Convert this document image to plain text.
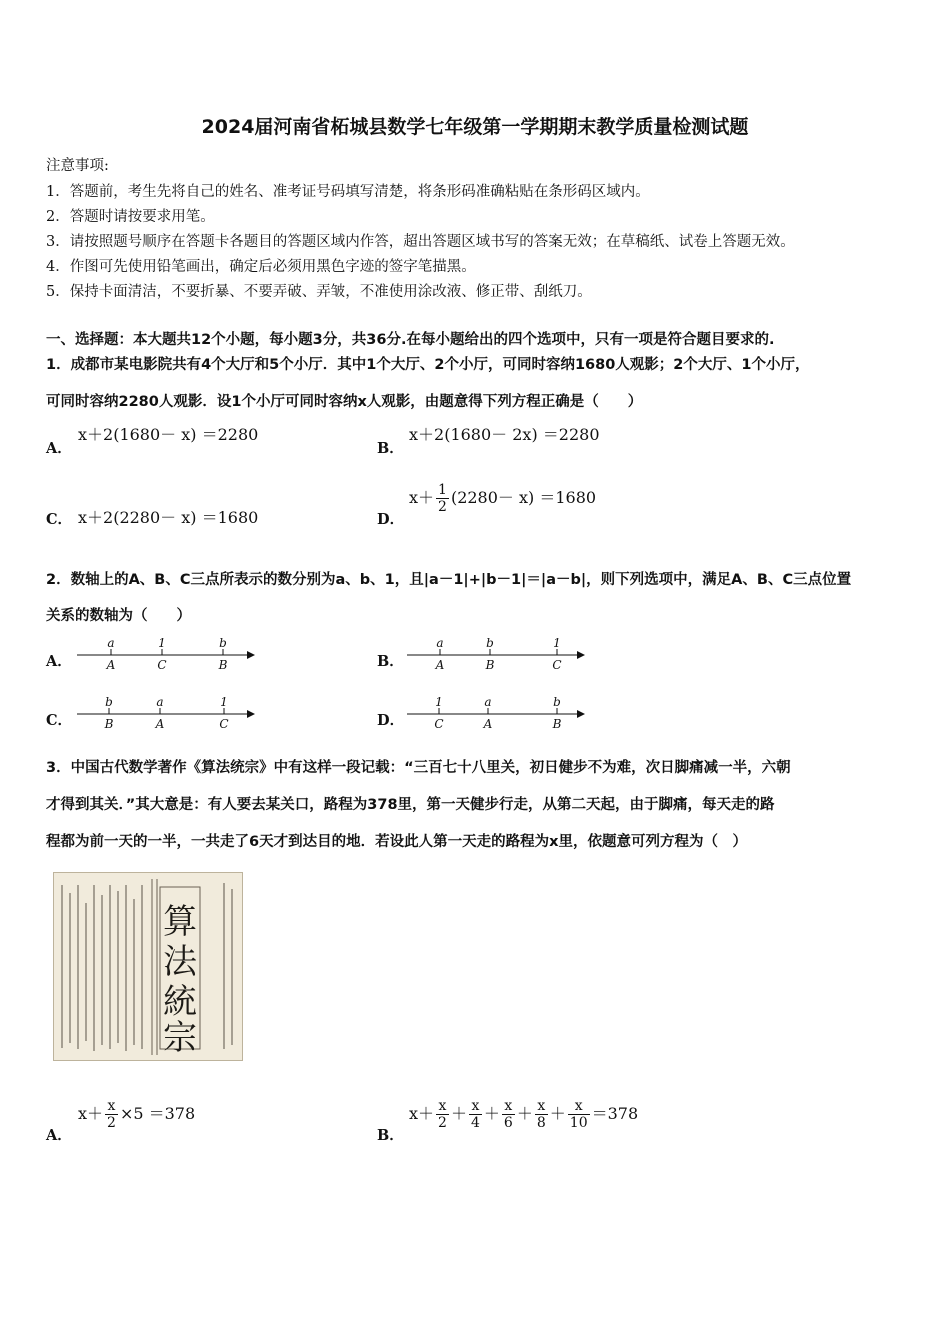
2024届河南省柘城县数学七年级第一学期期末教学质量检测试题
注意事项:
1．答题前，考生先将自己的姓名、准考证号码填写清楚，将条形码准确粘贴在条形码区域内。
2．答题时请按要求用笔。
3．请按照题号顺序在答题卡各题目的答题区域内作答，超出答题区域书写的答案无效；在草稿纸、试卷上答题无效。
4．作图可先使用铅笔画出，确定后必须用黑色字迹的签字笔描黑。
5．保持卡面清洁，不要折暴、不要弄破、弄皱，不准使用涂改液、修正带、刮纸刀。
一、选择题：本大题共12个小题，每小题3分，共36分.在每小题给出的四个选项中，只有一项是符合题目要求的.
1．成都市某电影院共有4个大厅和5个小厅．其中1个大厅、2个小厅，可同时容纳1680人观影；2个大厅、1个小厅，
可同时容纳2280人观影．设1个小厅可同时容纳x人观影，由题意得下列方程正确是（　　）
A．
x＋2(1680－ x) ＝2280
B．
x＋2(1680－ 2x) ＝2280
C． x＋2(2280－ x) ＝1680	D．
$x+ \frac{1}{2} (2280- x) =1680$
2．数轴上的A、B、C三点所表示的数分别为a、b、1，且|a－1|+|b－1|＝|a－b|，则下列选项中，满足A、B、C三点位置
关系的数轴为（　　）
A．	B．
C．	D．
a
A
1
C
b
B
a
A
b
B
1
C
b
B
a
A
1
C
1
C
a
A
b
B
3．中国古代数学著作《算法统宗》中有这样一段记载：“三百七十八里关，初日健步不为难，次日脚痛减一半，六朝
才得到其关．”其大意是：有人要去某关口，路程为378里，第一天健步行走，从第二天起，由于脚痛，每天走的路
程都为前一天的一半，一共走了6天才到达目的地．若设此人第一天走的路程为x里，依题意可列方程为（　）
算
法
統
宗
A．
$x+ \frac{x}{2} \times 5 =378$
B．
$x+ \frac{x}{2} + \frac{x}{4} + \frac{x}{6} + \frac{x}{8} + \frac{x}{10} =378$
